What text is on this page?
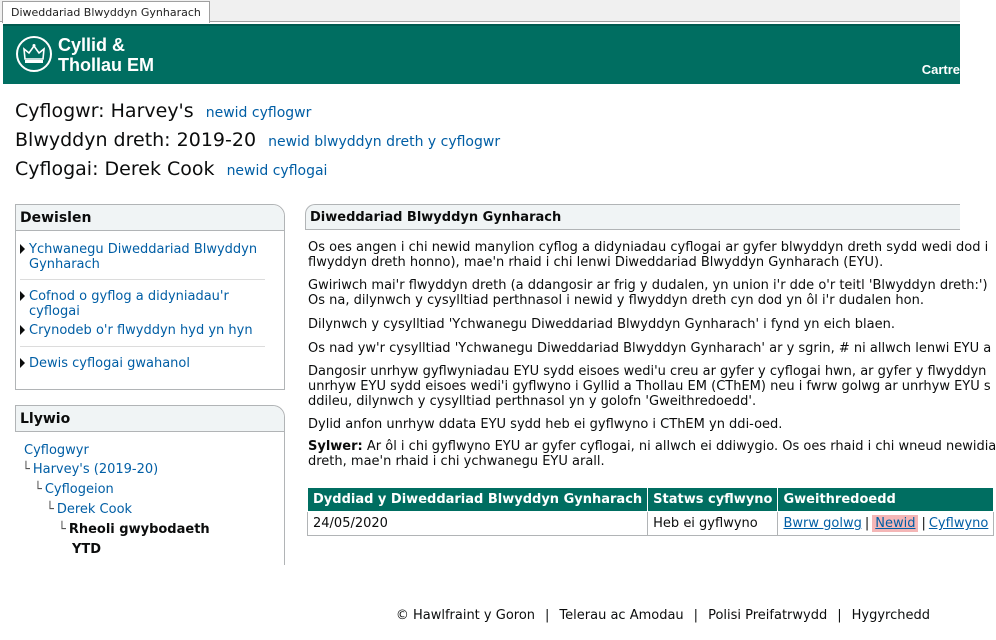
Diweddariad Blwyddyn Gynharach
Cyllid &
Thollau EM	Cartre
Cyflogwr: Harvey's newid cyflogwr
Blwyddyn dreth: 2019-20 newid blwyddyn dreth y cyflogwr
Cyflogai: Derek Cook newid cyflogai
Dewislen
Ychwanegu Diweddariad Blwyddyn
Gynharach
Cofnod o gyflog a didyniadau'r
cyflogai
Crynodeb o'r flwyddyn hyd yn hyn
Dewis cyflogai gwahanol
Llywio
Cyflogwyr
└ Harvey's (2019-20)
└ Cyflogeion
└ Derek Cook
└ Rheoli gwybodaeth
YTD
Diweddariad Blwyddyn Gynharach
Os oes angen i chi newid manylion cyflog a didyniadau cyflogai ar gyfer blwyddyn dreth sydd wedi dod i
flwyddyn dreth honno), mae'n rhaid i chi lenwi Diweddariad Blwyddyn Gynharach (EYU).
Gwiriwch mai'r flwyddyn dreth (a ddangosir ar frig y dudalen, yn union i'r dde o'r teitl 'Blwyddyn dreth:')
Os na, dilynwch y cysylltiad perthnasol i newid y flwyddyn dreth cyn dod yn ôl i'r dudalen hon.
Dilynwch y cysylltiad 'Ychwanegu Diweddariad Blwyddyn Gynharach' i fynd yn eich blaen.
Os nad yw'r cysylltiad 'Ychwanegu Diweddariad Blwyddyn Gynharach' ar y sgrin, # ni allwch lenwi EYU a
Dangosir unrhyw gyflwyniadau EYU sydd eisoes wedi'u creu ar gyfer y cyflogai hwn, ar gyfer y flwyddyn
unrhyw EYU sydd eisoes wedi'i gyflwyno i Gyllid a Thollau EM (CThEM) neu i fwrw golwg ar unrhyw EYU s
ddileu, dilynwch y cysylltiad perthnasol yn y golofn 'Gweithredoedd'.
Dylid anfon unrhyw ddata EYU sydd heb ei gyflwyno i CThEM yn ddi-oed.
Sylwer: Ar ôl i chi gyflwyno EYU ar gyfer cyflogai, ni allwch ei ddiwygio. Os oes rhaid i chi wneud newidia
dreth, mae'n rhaid i chi ychwanegu EYU arall.
Dyddiad y Diweddariad Blwyddyn Gynharach	Statws cyflwyno	Gweithredoedd
24/05/2020	Heb ei gyflwyno	Bwrw golwg | Newid | Cyflwyno
© Hawlfraint y Goron | Telerau ac Amodau | Polisi Preifatrwydd | Hygyrchedd
